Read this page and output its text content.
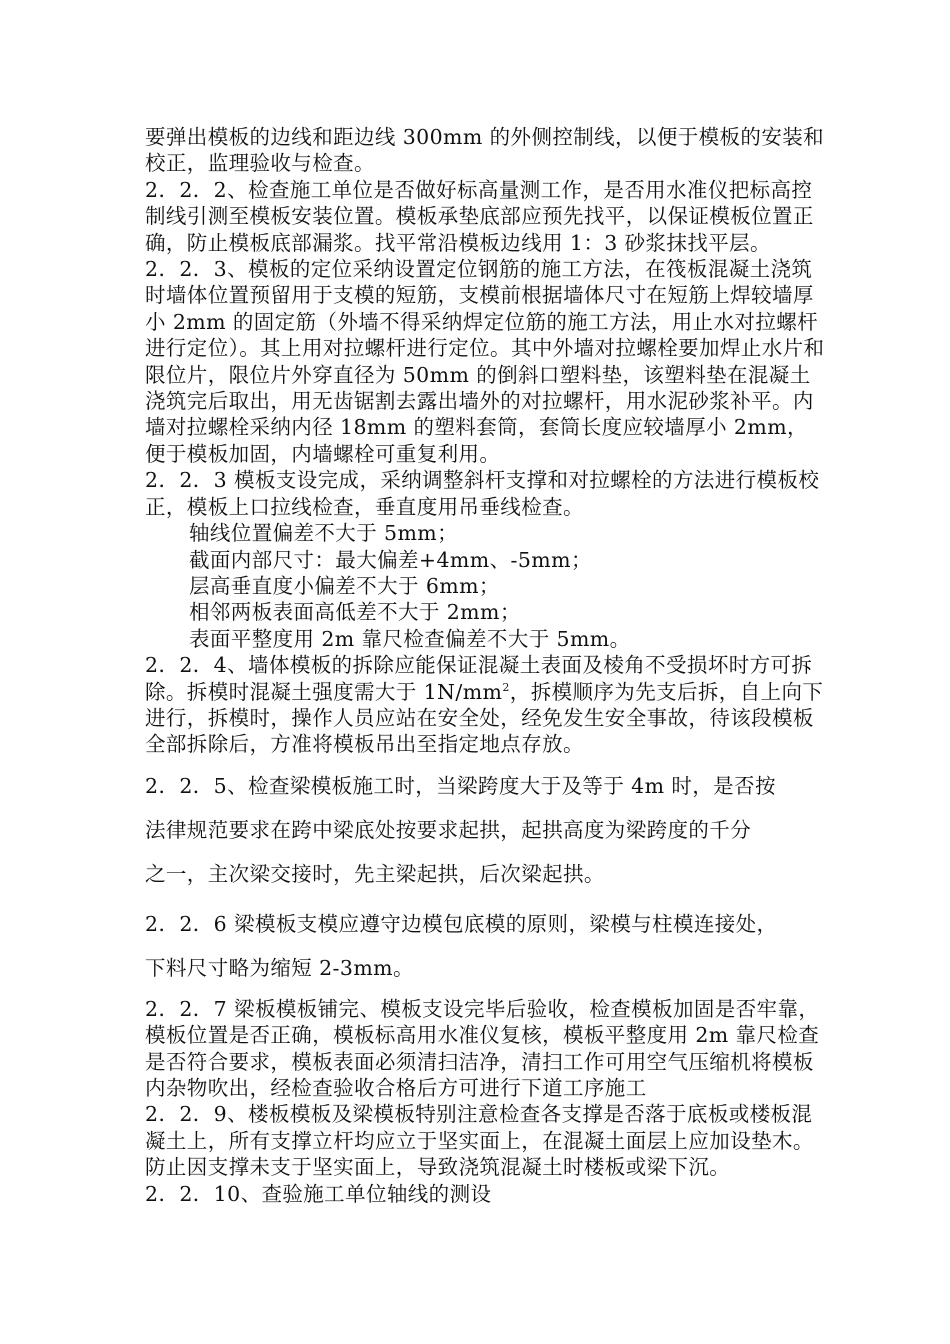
要弹出模板的边线和距边线 300mm 的外侧控制线，以便于模板的安装和校正，监理验收与检查。

2．2．2、检查施工单位是否做好标高量测工作，是否用水准仪把标高控制线引测至模板安装位置。模板承垫底部应预先找平，以保证模板位置正确，防止模板底部漏浆。找平常沿模板边线用 1：3 砂浆抹找平层。

2．2．3、模板的定位采纳设置定位钢筋的施工方法，在筏板混凝土浇筑时墙体位置预留用于支模的短筋，支模前根据墙体尺寸在短筋上焊较墙厚小 2mm 的固定筋（外墙不得采纳焊定位筋的施工方法，用止水对拉螺杆进行定位）。其上用对拉螺杆进行定位。其中外墙对拉螺栓要加焊止水片和限位片，限位片外穿直径为 50mm 的倒斜口塑料垫，该塑料垫在混凝土浇筑完后取出，用无齿锯割去露出墙外的对拉螺杆，用水泥砂浆补平。内墙对拉螺栓采纳内径 18mm 的塑料套筒，套筒长度应较墙厚小 2mm，便于模板加固，内墙螺栓可重复利用。

2．2．3 模板支设完成，采纳调整斜杆支撑和对拉螺栓的方法进行模板校正，模板上口拉线检查，垂直度用吊垂线检查。

轴线位置偏差不大于 5mm；
截面内部尺寸：最大偏差+4mm、-5mm；
层高垂直度小偏差不大于 6mm；
相邻两板表面高低差不大于 2mm；
表面平整度用 2m 靠尺检查偏差不大于 5mm。

2．2．4、墙体模板的拆除应能保证混凝土表面及棱角不受损坏时方可拆除。拆模时混凝土强度需大于 $1N/mm^2$，拆模顺序为先支后拆，自上向下进行，拆模时，操作人员应站在安全处，经免发生安全事故，待该段模板全部拆除后，方准将模板吊出至指定地点存放。

2．2．5、检查梁模板施工时，当梁跨度大于及等于 4m 时，是否按
法律规范要求在跨中梁底处按要求起拱，起拱高度为梁跨度的千分
之一，主次梁交接时，先主梁起拱，后次梁起拱。
2．2．6 梁模板支模应遵守边模包底模的原则，梁模与柱模连接处，
下料尺寸略为缩短 2-3mm。

2．2．7 梁板模板铺完、模板支设完毕后验收，检查模板加固是否牢靠，模板位置是否正确，模板标高用水准仪复核，模板平整度用 2m 靠尺检查是否符合要求，模板表面必须清扫洁净，清扫工作可用空气压缩机将模板内杂物吹出，经检查验收合格后方可进行下道工序施工

2．2．9、楼板模板及梁模板特别注意检查各支撑是否落于底板或楼板混凝土上，所有支撑立杆均应立于坚实面上，在混凝土面层上应加设垫木。防止因支撑未支于坚实面上，导致浇筑混凝土时楼板或梁下沉。

2．2．10、查验施工单位轴线的测设
